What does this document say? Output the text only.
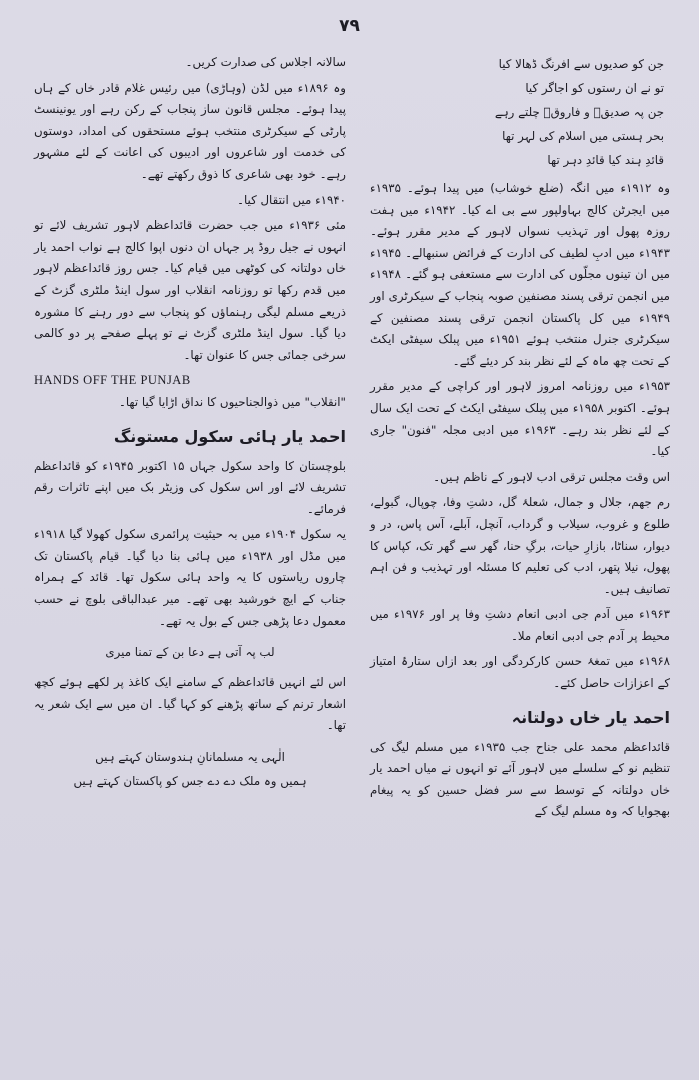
٧٩
جن کو صدیوں سے افرنگ ڈھالا کیا
تو نے ان رستوں کو اجاگر کیا
جن پہ صدیقؓ و فاروقؓ چلتے رہے
بحر ہستی میں اسلام کی لہر تھا
قائدِ ہند کیا قائدِ دہر تھا

وہ ۱۹۱۲ء میں انگہ (ضلع خوشاب) میں پیدا ہوئے۔ ۱۹۳۵ء میں ایجرٹن کالج بہاولپور سے بی اے کیا۔ ۱۹۴۲ء میں ہفت روزہ پھول اور تہذیب نسواں لاہور کے مدیر مقرر ہوئے۔ ۱۹۴۳ء میں ادبِ لطیف کی ادارت کے فرائض سنبھالے۔ ۱۹۴۵ء میں ان تینوں مجلّوں کی ادارت سے مستعفی ہو گئے۔ ۱۹۴۸ء میں انجمن ترقی پسند مصنفین صوبہ پنجاب کے سیکرٹری اور ۱۹۴۹ء میں کل پاکستان انجمن ترقی پسند مصنفین کے سیکرٹری جنرل منتخب ہوئے ۱۹۵۱ء میں پبلک سیفٹی ایکٹ کے تحت چھ ماہ کے لئے نظر بند کر دیئے گئے۔

۱۹۵۳ء میں روزنامہ امروز لاہور اور کراچی کے مدیر مقرر ہوئے۔ اکتوبر ۱۹۵۸ء میں پبلک سیفٹی ایکٹ کے تحت ایک سال کے لئے نظر بند رہے۔ ۱۹۶۳ء میں ادبی مجلہ "فنون" جاری کیا۔

اس وقت مجلس ترقی ادب لاہور کے ناظم ہیں۔

رم جھم، جلال و جمال، شعلۂ گل، دشتِ وفا، چوپال، گبولے، طلوع و غروب، سیلاب و گرداب، آنچل، آبلے، آس پاس، در و دیوار، سناٹا، بازارِ حیات، برگِ حنا، گھر سے گھر تک، کپاس کا پھول، نیلا پتھر، ادب کی تعلیم کا مسئلہ اور تہذیب و فن اہم تصانیف ہیں۔

۱۹۶۳ء میں آدم جی ادبی انعام دشتِ وفا پر اور ۱۹۷۶ء میں محیط پر آدم جی ادبی انعام ملا۔

۱۹۶۸ء میں تمغۂ حسن کارکردگی اور بعد ازاں ستارۂ امتیاز کے اعزازات حاصل کئے۔

احمد یار خاں دولتانہ

قائداعظم محمد علی جناح جب ۱۹۳۵ء میں مسلم لیگ کی تنظیم نو کے سلسلے میں لاہور آئے تو انہوں نے میاں احمد یار خاں دولتانہ کے توسط سے سر فضل حسین کو یہ پیغام بھجوایا کہ وہ مسلم لیگ کے

سالانہ اجلاس کی صدارت کریں۔

وہ ۱۸۹۶ء میں لڈن (وہاڑی) میں رئیس غلام قادر خاں کے ہاں پیدا ہوئے۔ مجلس قانون ساز پنجاب کے رکن رہے اور یونینسٹ پارٹی کے سیکرٹری منتخب ہوئے مستحقوں کی امداد، دوستوں کی خدمت اور شاعروں اور ادیبوں کی اعانت کے لئے مشہور رہے۔ خود بھی شاعری کا ذوق رکھتے تھے۔

۱۹۴۰ء میں انتقال کیا۔

مئی ۱۹۳۶ء میں جب حضرت قائداعظم لاہور تشریف لائے تو انہوں نے جیل روڈ پر جہاں ان دنوں اپوا کالج ہے نواب احمد یار خاں دولتانہ کی کوٹھی میں قیام کیا۔ جس روز قائداعظم لاہور میں قدم رکھا تو روزنامہ انقلاب اور سول اینڈ ملٹری گزٹ کے ذریعے مسلم لیگی رہنماؤں کو پنجاب سے دور رہنے کا مشورہ دیا گیا۔ سول اینڈ ملٹری گزٹ نے تو پہلے صفحے پر دو کالمی سرخی جمائی جس کا عنوان تھا۔

HANDS OFF THE PUNJAB

"انقلاب" میں ذوالجناحیوں کا نداق اڑایا گیا تھا۔

احمد یار ہائی سکول مستونگ

بلوچستان کا واحد سکول جہاں ۱۵ اکتوبر ۱۹۴۵ء کو قائداعظم تشریف لائے اور اس سکول کی وزیٹر بک میں اپنے تاثرات رقم فرمائے۔

یہ سکول ۱۹۰۴ء میں بہ حیثیت پرائمری سکول کھولا گیا ۱۹۱۸ء میں مڈل اور ۱۹۳۸ء میں ہائی بنا دیا گیا۔ قیام پاکستان تک چاروں ریاستوں کا یہ واحد ہائی سکول تھا۔ قائد کے ہمراہ جناب کے ایچ خورشید بھی تھے۔ میر عبدالباقی بلوچ نے حسب معمول دعا پڑھی جس کے بول یہ تھے۔

لب پہ آتی ہے دعا بن کے تمنا میری

اس لئے انہیں قائداعظم کے سامنے ایک کاغذ پر لکھے ہوئے کچھ اشعار ترنم کے ساتھ پڑھنے کو کہا گیا۔ ان میں سے ایک شعر یہ تھا۔

الٰہی یہ مسلمانانِ ہندوستان کہتے ہیں
ہمیں وہ ملک دے دے جس کو پاکستان کہتے ہیں
